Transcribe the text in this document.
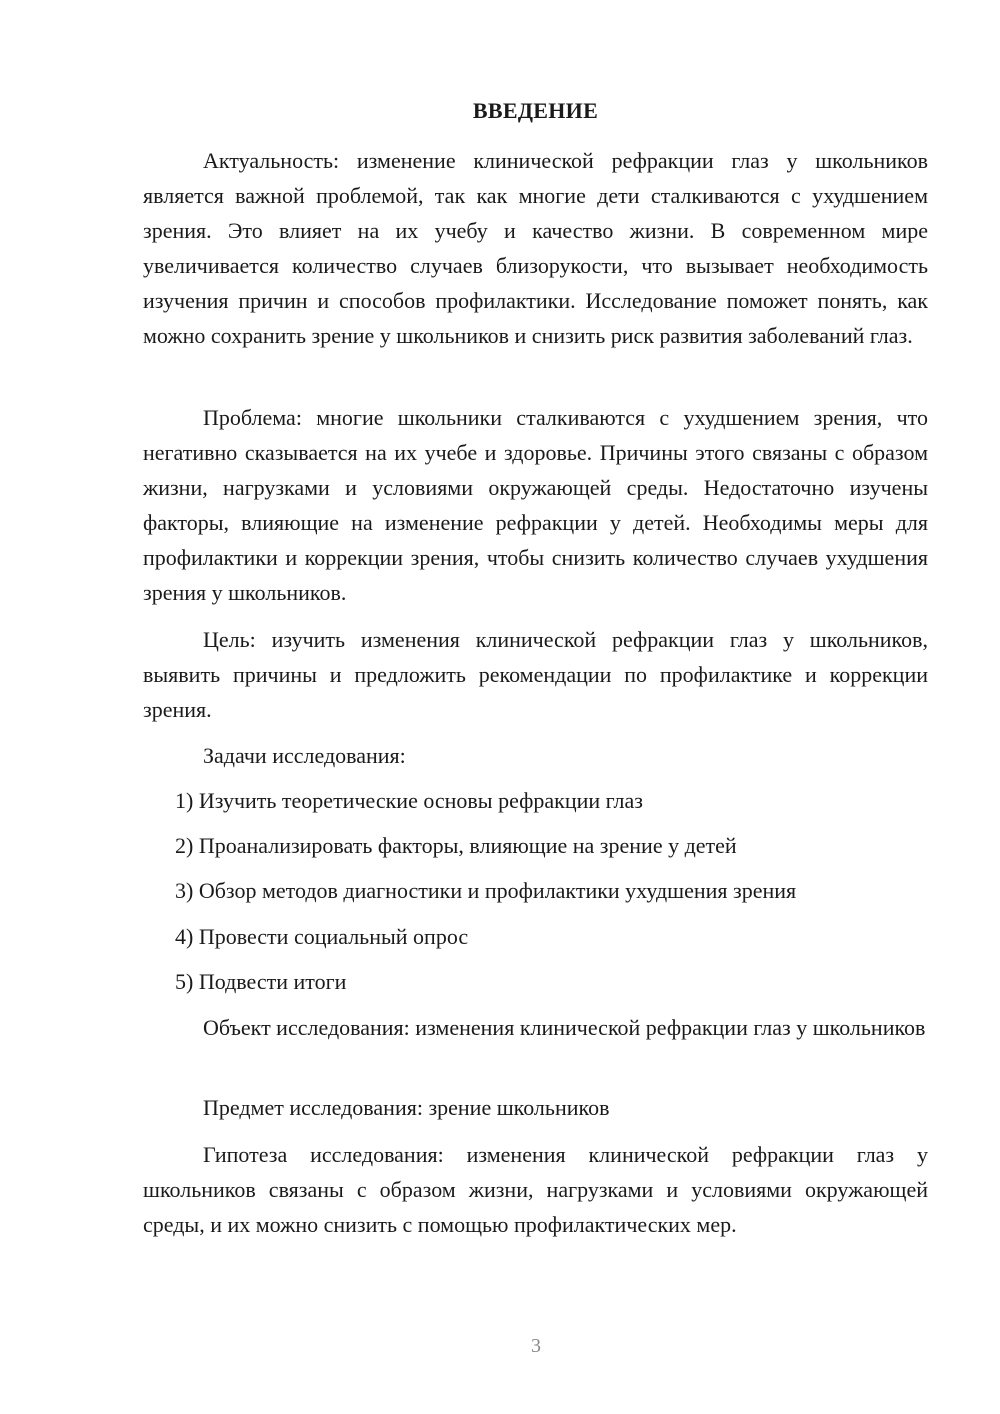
ВВЕДЕНИЕ

Актуальность: изменение клинической рефракции глаз у школьников является важной проблемой, так как многие дети сталкиваются с ухудшением зрения. Это влияет на их учебу и качество жизни. В современном мире увеличивается количество случаев близорукости, что вызывает необходимость изучения причин и способов профилактики. Исследование поможет понять, как можно сохранить зрение у школьников и снизить риск развития заболеваний глаз.

Проблема: многие школьники сталкиваются с ухудшением зрения, что негативно сказывается на их учебе и здоровье. Причины этого связаны с образом жизни, нагрузками и условиями окружающей среды. Недостаточно изучены факторы, влияющие на изменение рефракции у детей. Необходимы меры для профилактики и коррекции зрения, чтобы снизить количество случаев ухудшения зрения у школьников.

Цель: изучить изменения клинической рефракции глаз у школьников, выявить причины и предложить рекомендации по профилактике и коррекции зрения.

Задачи исследования:

1) Изучить теоретические основы рефракции глаз

2) Проанализировать факторы, влияющие на зрение у детей

3) Обзор методов диагностики и профилактики ухудшения зрения

4) Провести социальный опрос

5) Подвести итоги

Объект исследования: изменения клинической рефракции глаз у школьников

Предмет исследования: зрение школьников

Гипотеза исследования: изменения клинической рефракции глаз у школьников связаны с образом жизни, нагрузками и условиями окружающей среды, и их можно снизить с помощью профилактических мер.

3
